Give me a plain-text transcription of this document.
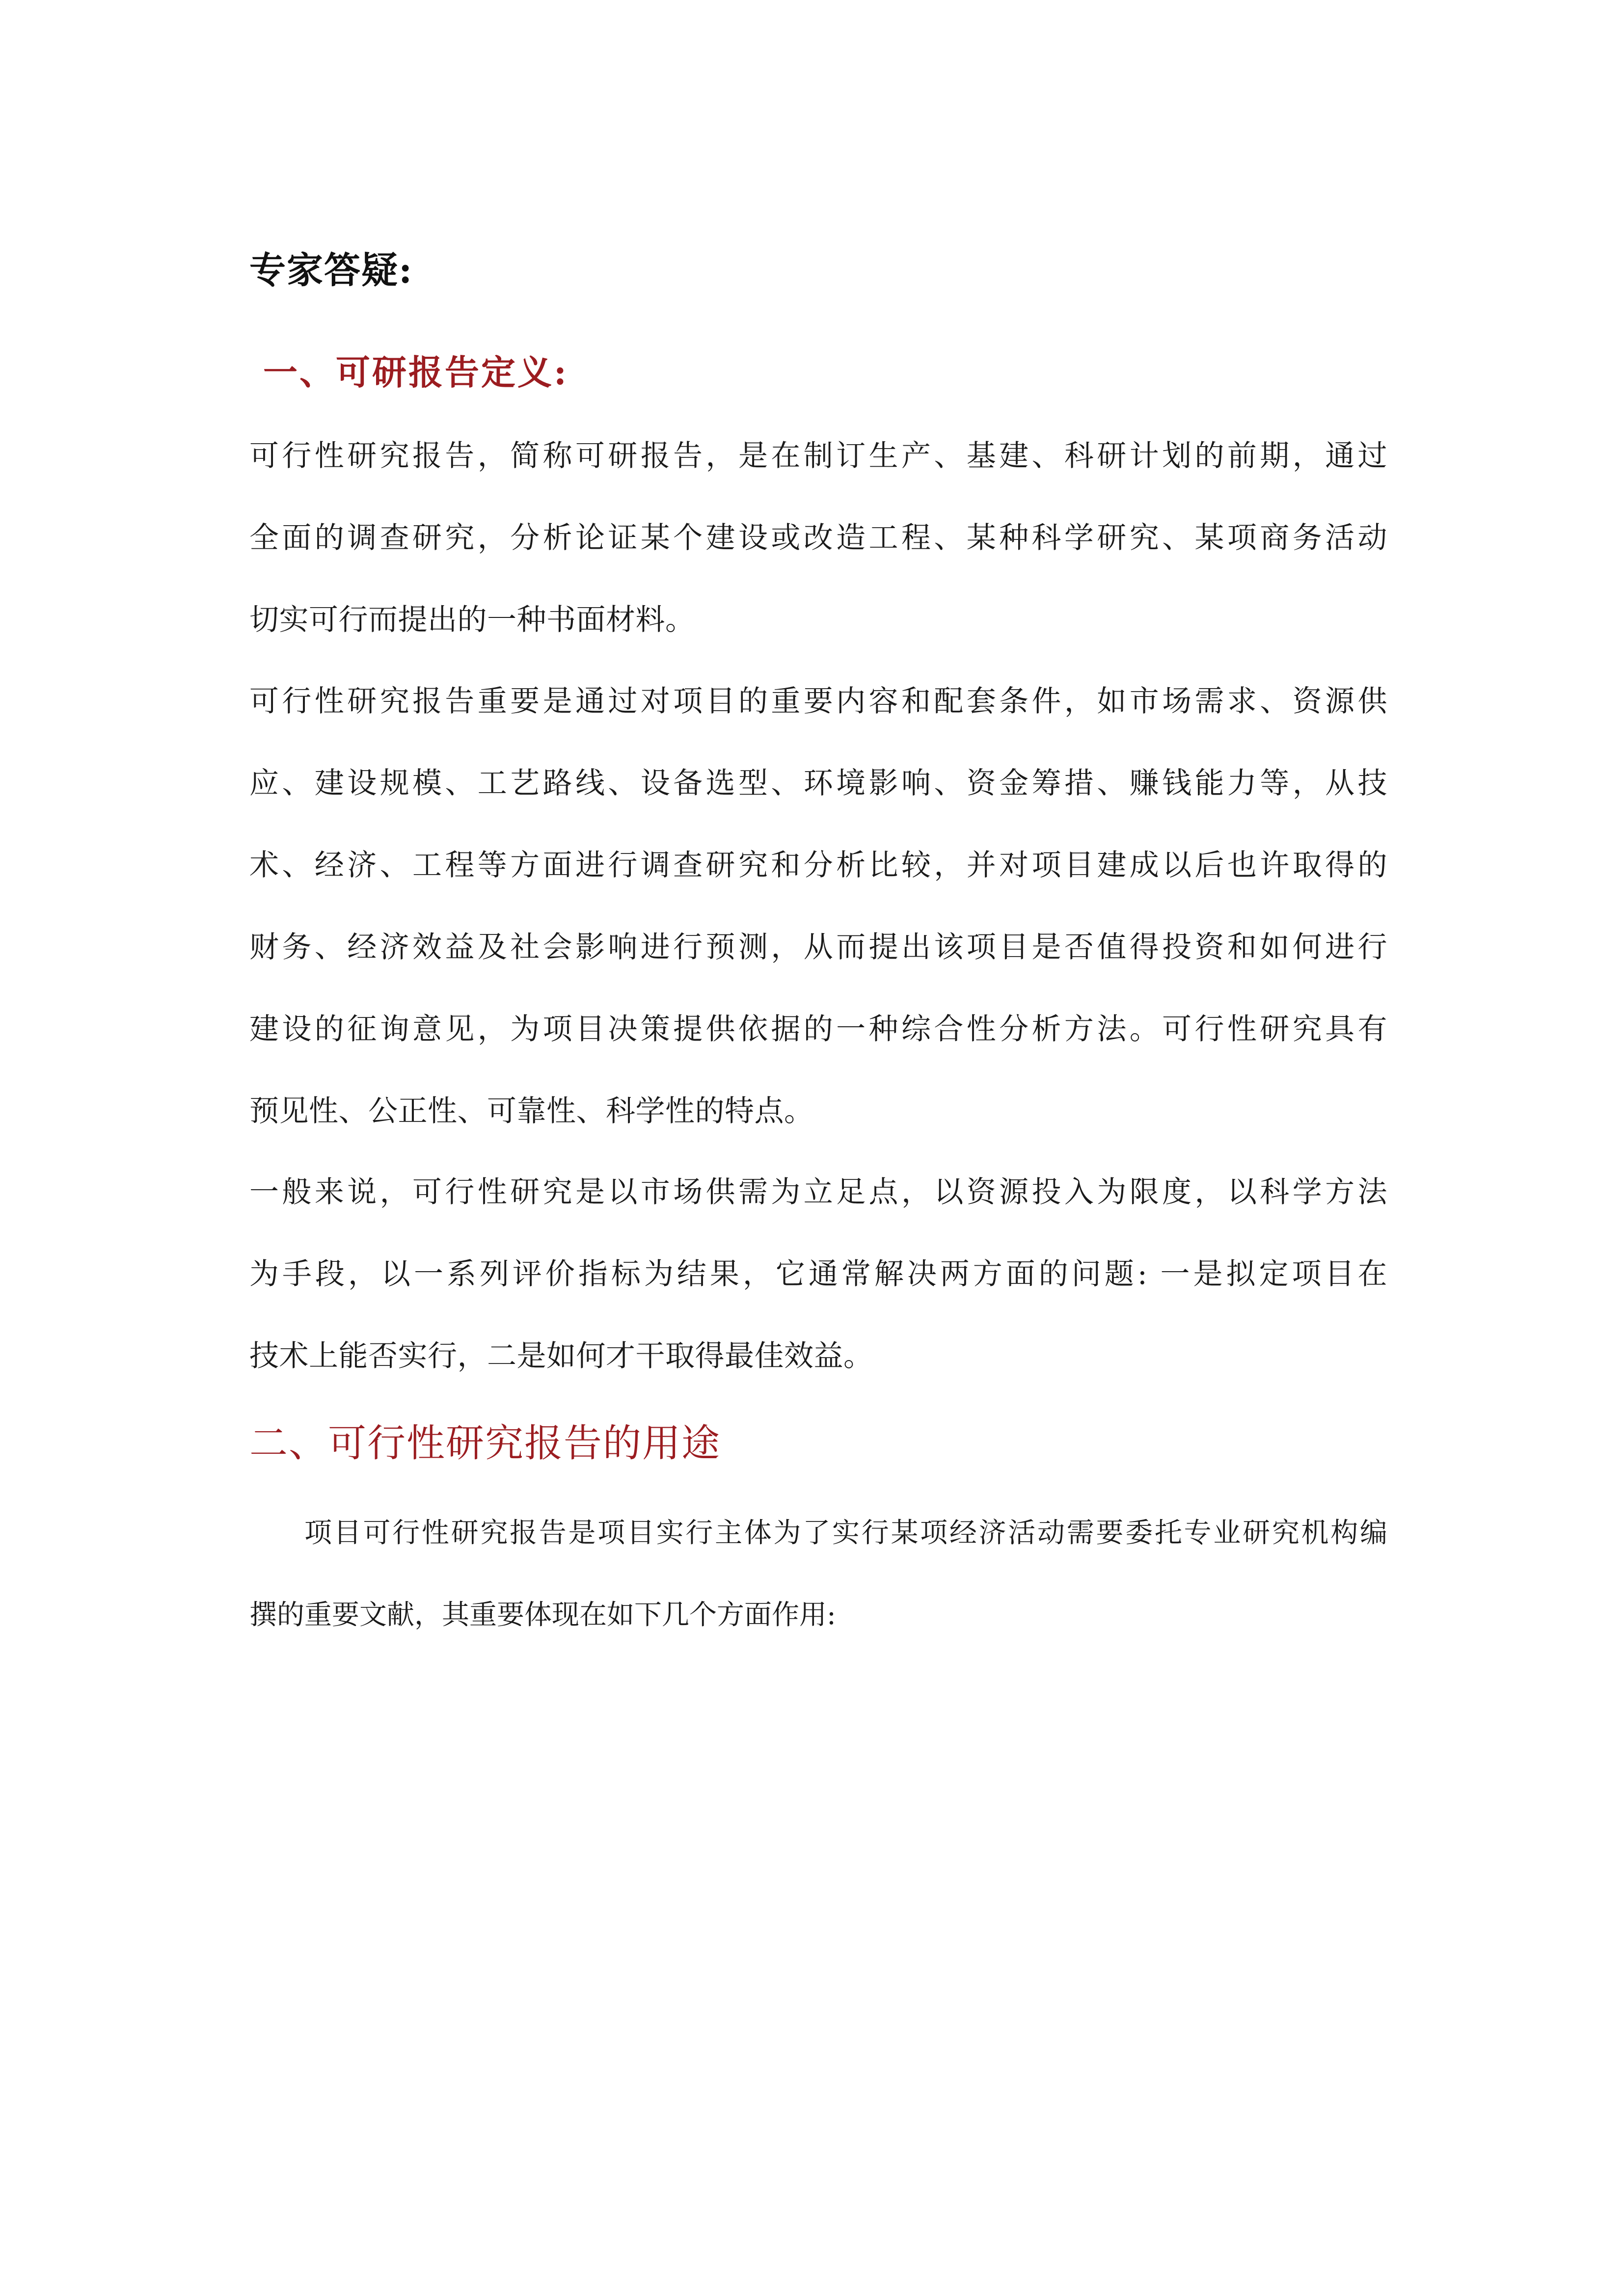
专家答疑:
一、可研报告定义:
可行性研究报告，简称可研报告，是在制订生产、基建、科研计划的前期，通过
全面的调查研究，分析论证某个建设或改造工程、某种科学研究、某项商务活动
切实可行而提出的一种书面材料。
可行性研究报告重要是通过对项目的重要内容和配套条件，如市场需求、资源供
应、建设规模、工艺路线、设备选型、环境影响、资金筹措、赚钱能力等，从技
术、经济、工程等方面进行调查研究和分析比较，并对项目建成以后也许取得的
财务、经济效益及社会影响进行预测，从而提出该项目是否值得投资和如何进行
建设的征询意见，为项目决策提供依据的一种综合性分析方法。可行性研究具有
预见性、公正性、可靠性、科学性的特点。
一般来说，可行性研究是以市场供需为立足点，以资源投入为限度，以科学方法
为手段，以一系列评价指标为结果，它通常解决两方面的问题: 一是拟定项目在
技术上能否实行，二是如何才干取得最佳效益。
二、可行性研究报告的用途
项目可行性研究报告是项目实行主体为了实行某项经济活动需要委托专业研究机构编
撰的重要文献，其重要体现在如下几个方面作用:
